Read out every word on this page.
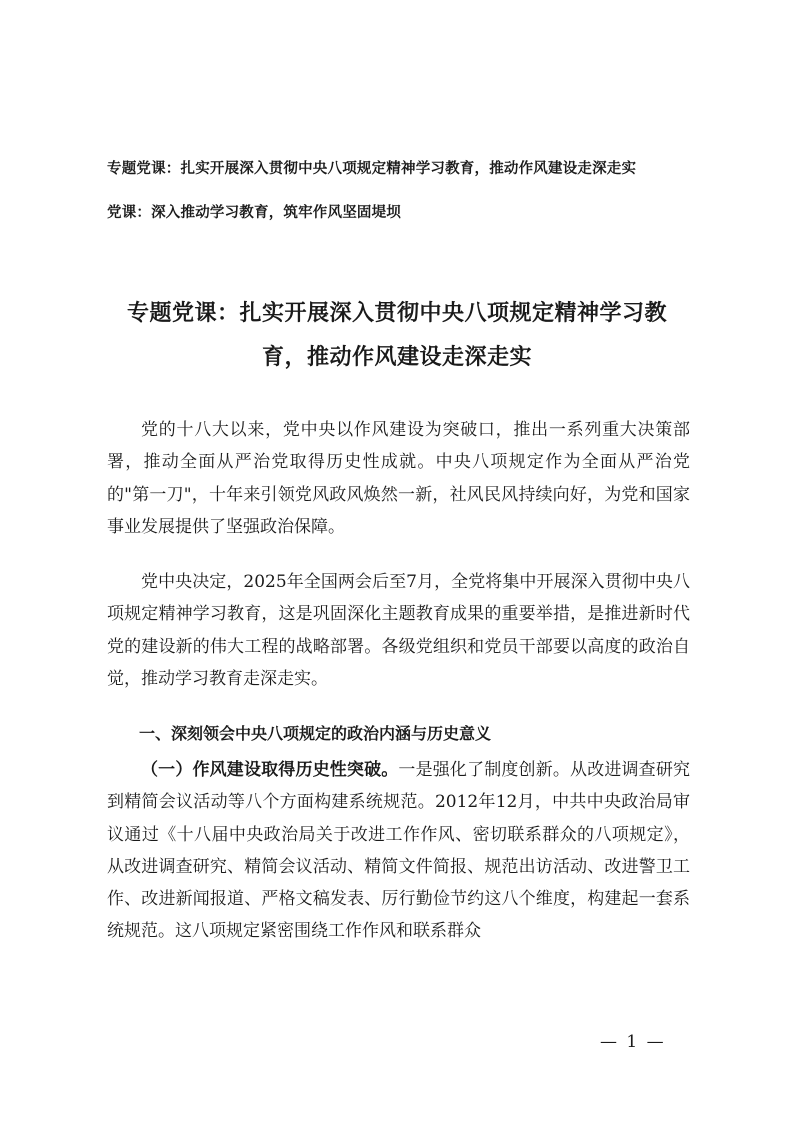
专题党课：扎实开展深入贯彻中央八项规定精神学习教育，推动作风建设走深走实
党课：深入推动学习教育，筑牢作风坚固堤坝
专题党课：扎实开展深入贯彻中央八项规定精神学习教
育，推动作风建设走深走实

党的十八大以来，党中央以作风建设为突破口，推出一系列重大决策部署，推动全面从严治党取得历史性成就。中央八项规定作为全面从严治党的"第一刀"，十年来引领党风政风焕然一新，社风民风持续向好，为党和国家事业发展提供了坚强政治保障。

党中央决定，2025年全国两会后至7月，全党将集中开展深入贯彻中央八项规定精神学习教育，这是巩固深化主题教育成果的重要举措，是推进新时代党的建设新的伟大工程的战略部署。各级党组织和党员干部要以高度的政治自觉，推动学习教育走深走实。

一、深刻领会中央八项规定的政治内涵与历史意义

（一）作风建设取得历史性突破。一是强化了制度创新。从改进调查研究到精简会议活动等八个方面构建系统规范。2012年12月，中共中央政治局审议通过《十八届中央政治局关于改进工作作风、密切联系群众的八项规定》，从改进调查研究、精简会议活动、精简文件简报、规范出访活动、改进警卫工作、改进新闻报道、严格文稿发表、厉行勤俭节约这八个维度，构建起一套系统规范。这八项规定紧密围绕工作作风和联系群众

— 1 —
